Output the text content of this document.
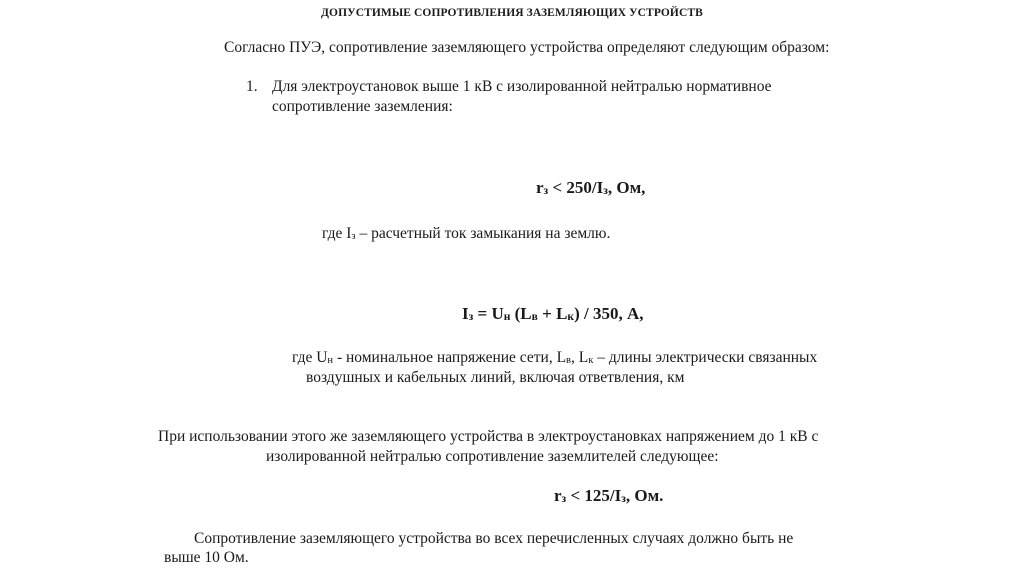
ДОПУСТИМЫЕ СОПРОТИВЛЕНИЯ ЗАЗЕМЛЯЮЩИХ УСТРОЙСТВ
Согласно ПУЭ, сопротивление заземляющего устройства определяют следующим образом:
1. Для электроустановок выше 1 кВ с изолированной нейтралью нормативное
сопротивление заземления:
rз < 250/Iз, Ом,
где Iз – расчетный ток замыкания на землю.
Iз = Uн (Lв + Lк) / 350, А,
где Uн - номинальное напряжение сети, Lв, Lк – длины электрически связанных
воздушных и кабельных линий, включая ответвления, км
При использовании этого же заземляющего устройства в электроустановках напряжением до 1 кВ с
изолированной нейтралью сопротивление заземлителей следующее:
rз < 125/Iз, Ом.
Сопротивление заземляющего устройства во всех перечисленных случаях должно быть не
выше 10 Ом.
